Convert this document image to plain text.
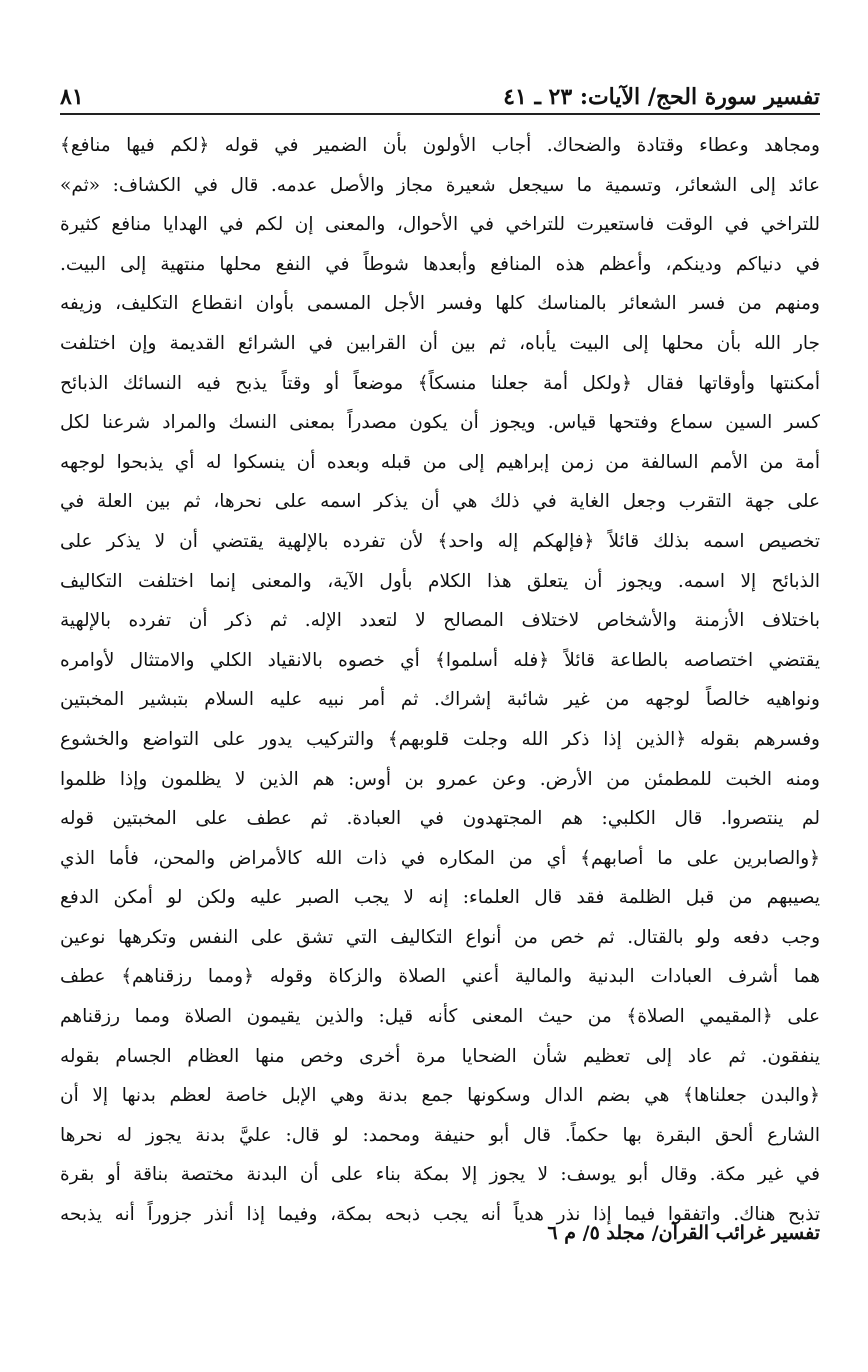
تفسير سورة الحج/ الآيات: ٢٣ ـ ٤١
٨١
ومجاهد وعطاء وقتادة والضحاك. أجاب الأولون بأن الضمير في قوله ﴿لكم فيها منافع﴾
عائد إلى الشعائر، وتسمية ما سيجعل شعيرة مجاز والأصل عدمه. قال في الكشاف: «ثم»
للتراخي في الوقت فاستعيرت للتراخي في الأحوال، والمعنى إن لكم في الهدايا منافع كثيرة
في دنياكم ودينكم، وأعظم هذه المنافع وأبعدها شوطاً في النفع محلها منتهية إلى البيت.
ومنهم من فسر الشعائر بالمناسك كلها وفسر الأجل المسمى بأوان انقطاع التكليف، وزيفه
جار الله بأن محلها إلى البيت يأباه، ثم بين أن القرابين في الشرائع القديمة وإن اختلفت
أمكنتها وأوقاتها فقال ﴿ولكل أمة جعلنا منسكاً﴾ موضعاً أو وقتاً يذبح فيه النسائك الذبائح
كسر السين سماع وفتحها قياس. ويجوز أن يكون مصدراً بمعنى النسك والمراد شرعنا لكل
أمة من الأمم السالفة من زمن إبراهيم إلى من قبله وبعده أن ينسكوا له أي يذبحوا لوجهه
على جهة التقرب وجعل الغاية في ذلك هي أن يذكر اسمه على نحرها، ثم بين العلة في
تخصيص اسمه بذلك قائلاً ﴿فإلهكم إله واحد﴾ لأن تفرده بالإلهية يقتضي أن لا يذكر على
الذبائح إلا اسمه. ويجوز أن يتعلق هذا الكلام بأول الآية، والمعنى إنما اختلفت التكاليف
باختلاف الأزمنة والأشخاص لاختلاف المصالح لا لتعدد الإله. ثم ذكر أن تفرده بالإلهية
يقتضي اختصاصه بالطاعة قائلاً ﴿فله أسلموا﴾ أي خصوه بالانقياد الكلي والامتثال لأوامره
ونواهيه خالصاً لوجهه من غير شائبة إشراك. ثم أمر نبيه عليه السلام بتبشير المخبتين
وفسرهم بقوله ﴿الذين إذا ذكر الله وجلت قلوبهم﴾ والتركيب يدور على التواضع والخشوع
ومنه الخبت للمطمئن من الأرض. وعن عمرو بن أوس: هم الذين لا يظلمون وإذا ظلموا
لم ينتصروا. قال الكلبي: هم المجتهدون في العبادة. ثم عطف على المخبتين قوله
﴿والصابرين على ما أصابهم﴾ أي من المكاره في ذات الله كالأمراض والمحن، فأما الذي
يصيبهم من قبل الظلمة فقد قال العلماء: إنه لا يجب الصبر عليه ولكن لو أمكن الدفع
وجب دفعه ولو بالقتال. ثم خص من أنواع التكاليف التي تشق على النفس وتكرهها نوعين
هما أشرف العبادات البدنية والمالية أعني الصلاة والزكاة وقوله ﴿ومما رزقناهم﴾ عطف
على ﴿المقيمي الصلاة﴾ من حيث المعنى كأنه قيل: والذين يقيمون الصلاة ومما رزقناهم
ينفقون. ثم عاد إلى تعظيم شأن الضحايا مرة أخرى وخص منها العظام الجسام بقوله
﴿والبدن جعلناها﴾ هي بضم الدال وسكونها جمع بدنة وهي الإبل خاصة لعظم بدنها إلا أن
الشارع ألحق البقرة بها حكماً. قال أبو حنيفة ومحمد: لو قال: عليَّ بدنة يجوز له نحرها
في غير مكة. وقال أبو يوسف: لا يجوز إلا بمكة بناء على أن البدنة مختصة بناقة أو بقرة
تذبح هناك. واتفقوا فيما إذا نذر هدياً أنه يجب ذبحه بمكة، وفيما إذا أنذر جزوراً أنه يذبحه
تفسير غرائب القرآن/ مجلد ٥/ م ٦
